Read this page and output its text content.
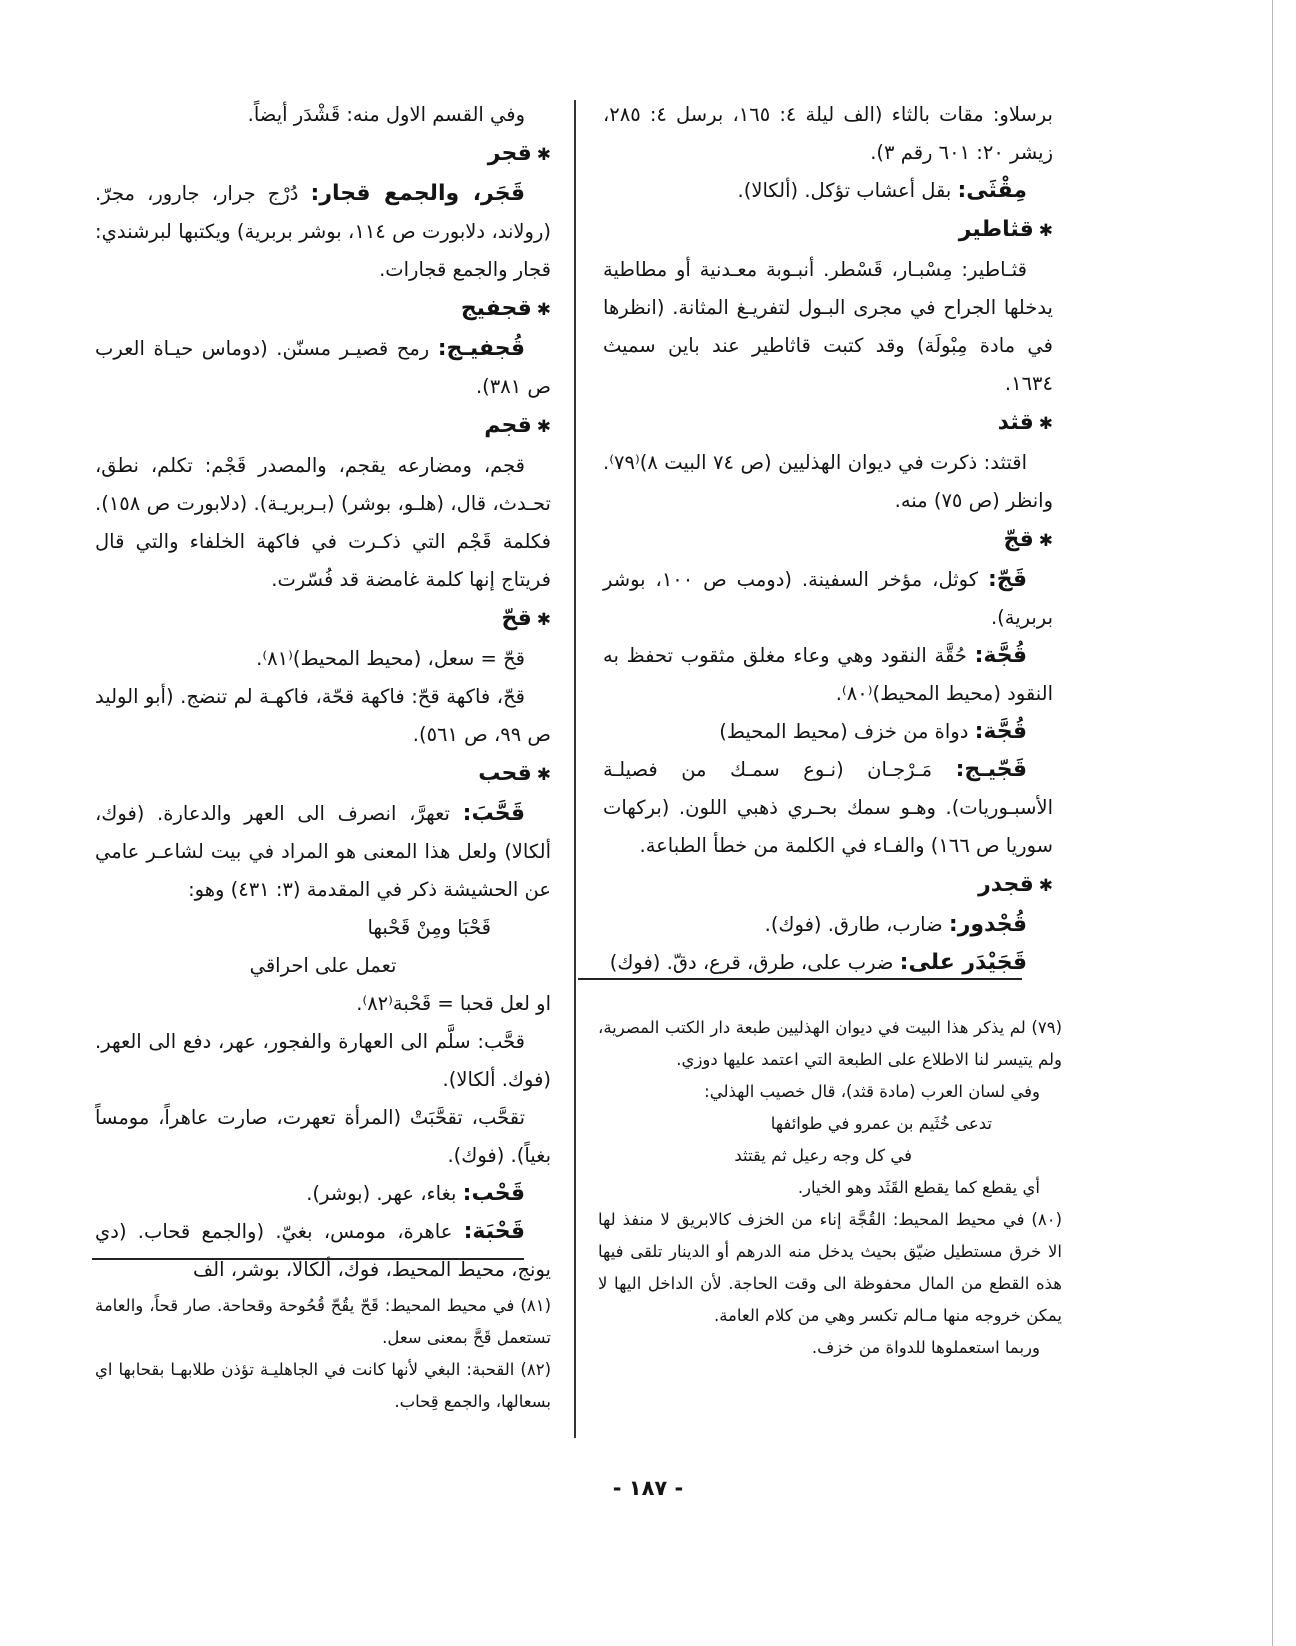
برسلاو: مقات بالثاء (الف ليلة ٤: ١٦٥، برسل ٤: ٢٨٥، زيشر ٢٠: ٦٠١ رقم ٣).
مِقْثَى: بقل أعشاب تؤكل. (ألكالا).
✱قثاطير
قثـاطير: مِسْبـار، قَسْطر. أنبـوبة معـدنية أو مطاطية يدخلها الجراح في مجرى البـول لتفريـغ المثانة. (انظرها في مادة مِبْولَة) وقد كتبت قاثاطير عند باين سميث ١٦٣٤.
✱قثد
اقتثد: ذكرت في ديوان الهذليين (ص ٧٤ البيت ٨)⁽٧٩⁾. وانظر (ص ٧٥) منه.
✱قجّ
قَجّ: كوثل، مؤخر السفينة. (دومب ص ١٠٠، بوشر بربرية).
قُجَّة: حُقَّة النقود وهي وعاء مغلق مثقوب تحفظ به النقود (محيط المحيط)⁽٨٠⁾.
قُجَّة: دواة من خزف (محيط المحيط)
قَجّيـج: مَـرْجـان (نـوع سمـك من فصيلـة الأسبـوريات). وهـو سمك بحـري ذهبي اللون. (بركهات سوريا ص ١٦٦) والفـاء في الكلمة من خطأ الطباعة.
✱قجدر
قُجْدور: ضارب، طارق. (فوك).
قَجَيْدَر على: ضرب على، طرق، قرع، دقّ. (فوك)
وفي القسم الاول منه: قَشْدَر أيضاً.
✱قجر
قَجَر، والجمع قجار: دُرْج جرار، جارور، مجرّ. (رولاند، دلابورت ص ١١٤، بوشر بربرية) ويكتبها لبرشندي: قجار والجمع قجارات.
✱قجفيج
قُجفيـج: رمح قصيـر مسنّن. (دوماس حيـاة العرب ص ٣٨١).
✱قجم
قجم، ومضارعه يقجم، والمصدر قَجْم: تكلم، نطق، تحـدث، قال، (هلـو، بوشر) (بـربريـة). (دلابورت ص ١٥٨). فكلمة قَجْم التي ذكـرت في فاكهة الخلفاء والتي قال فريتاج إنها كلمة غامضة قد فُسّرت.
✱قحّ
قحّ = سعل، (محيط المحيط)⁽٨١⁾.
قحّ، فاكهة قحّ: فاكهة قحّة، فاكهـة لم تنضج. (أبو الوليد ص ٩٩، ص ٥٦١).
✱قحب
قَحَّبَ: تعهرَّ، انصرف الى العهر والدعارة. (فوك، ألكالا) ولعل هذا المعنى هو المراد في بيت لشاعـر عامي عن الحشيشة ذكر في المقدمة (٣: ٤٣١) وهو:
قَحْبَا ومِنْ قَحْبها
تعمل على احراقي
او لعل قحبا = قَحْبة⁽٨٢⁾.
قحَّب: سلَّم الى العهارة والفجور، عهر، دفع الى العهر. (فوك. ألكالا).
تقحَّب، تقحَّبَتْ (المرأة تعهرت، صارت عاهراً، مومساً بغياً). (فوك).
قَحْب: بغاء، عهر. (بوشر).
قَحْبَة: عاهرة، مومس، بغيّ. (والجمع قحاب. (دي يونج، محيط المحيط، فوك، ألكالا، بوشر، الف
(٧٩) لم يذكر هذا البيت في ديوان الهذليين طبعة دار الكتب المصرية، ولم يتيسر لنا الاطلاع على الطبعة التي اعتمد عليها دوزي.
وفي لسان العرب (مادة قثد)، قال خصيب الهذلي:
تدعى خُثَيم بن عمرو في طوائفها
في كل وجه رعيل ثم يقتثد
أي يقطع كما يقطع القَثَد وهو الخيار.
(٨٠) في محيط المحيط: القُجَّة إناء من الخزف كالابريق لا منفذ لها الا خرق مستطيل ضيّق بحيث يدخل منه الدرهم أو الدينار تلقى فيها هذه القطع من المال محفوظة الى وقت الحاجة. لأن الداخل اليها لا يمكن خروجه منها مـالم تكسر وهي من كلام العامة.
وربما استعملوها للدواة من خزف.
(٨١) في محيط المحيط: قَحّ يقُحّ قُحُوحة وقحاحة. صار قحاً، والعامة تستعمل قَحَّ بمعنى سعل.
(٨٢) القحبة: البغي لأنها كانت في الجاهليـة تؤذن طلابهـا بقحابها اي بسعالها، والجمع قِحاب.
- ١٨٧ -
